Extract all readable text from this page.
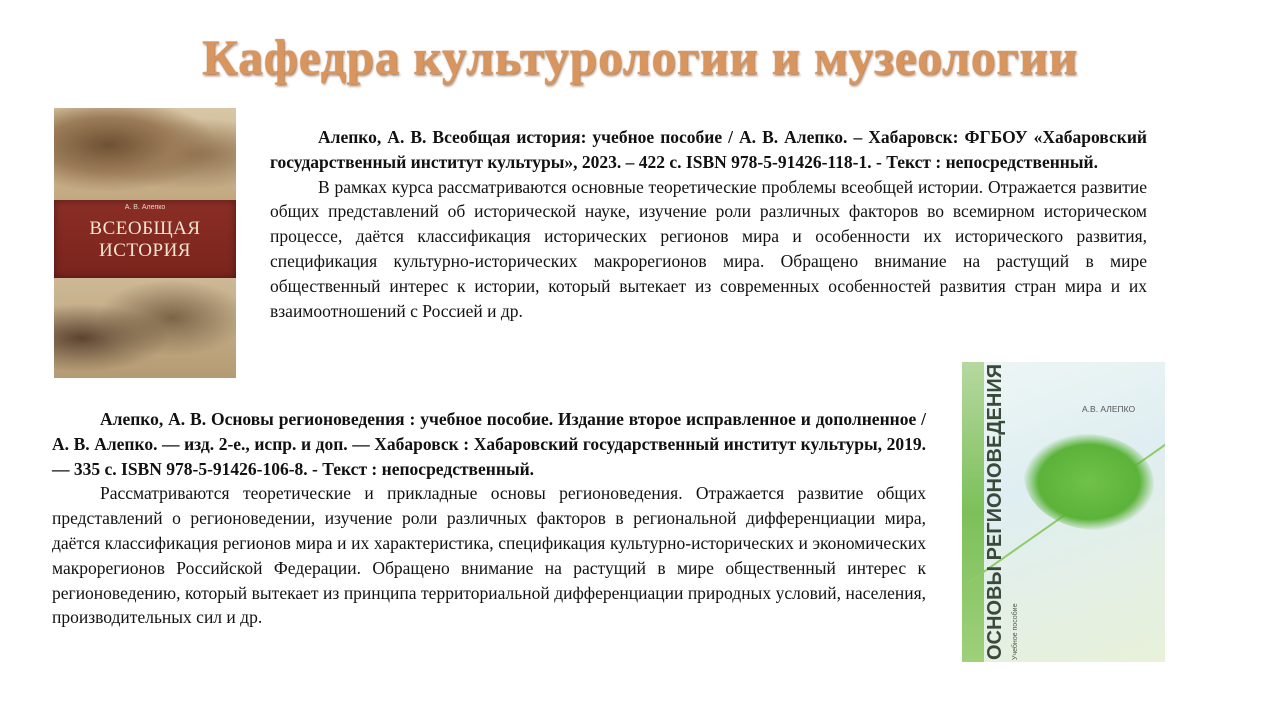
Кафедра культурологии и музеологии
А. В. Алепко
ВСЕОБЩАЯ ИСТОРИЯ

Алепко, А. В. Всеобщая история: учебное пособие / А. В. Алепко. – Хабаровск: ФГБОУ «Хабаровский государственный институт культуры», 2023. – 422 с. ISBN 978-5-91426-118-1. - Текст : непосредственный.

В рамках курса рассматриваются основные теоретические проблемы всеобщей истории. Отражается развитие общих представлений об исторической науке, изучение роли различных факторов во всемирном историческом процессе, даётся классификация исторических регионов мира и особенности их исторического развития, спецификация культурно-исторических макрорегионов мира. Обращено внимание на растущий в мире общественный интерес к истории, который вытекает из современных особенностей развития стран мира и их взаимоотношений с Россией и др.

Алепко, А. В. Основы регионоведения : учебное пособие. Издание второе исправленное и дополненное / А. В. Алепко. — изд. 2-е., испр. и доп. — Хабаровск : Хабаровский государственный институт культуры, 2019. — 335 с. ISBN 978-5-91426-106-8. - Текст : непосредственный.

Рассматриваются теоретические и прикладные основы регионоведения. Отражается развитие общих представлений о регионоведении, изучение роли различных факторов в региональной дифференциации мира, даётся классификация регионов мира и их характеристика, спецификация культурно-исторических и экономических макрорегионов Российской Федерации. Обращено внимание на растущий в мире общественный интерес к регионоведению, который вытекает из принципа территориальной дифференциации природных условий, населения, производительных сил и др.

А.В. АЛЕПКО
ОСНОВЫ РЕГИОНОВЕДЕНИЯ Учебное пособие
